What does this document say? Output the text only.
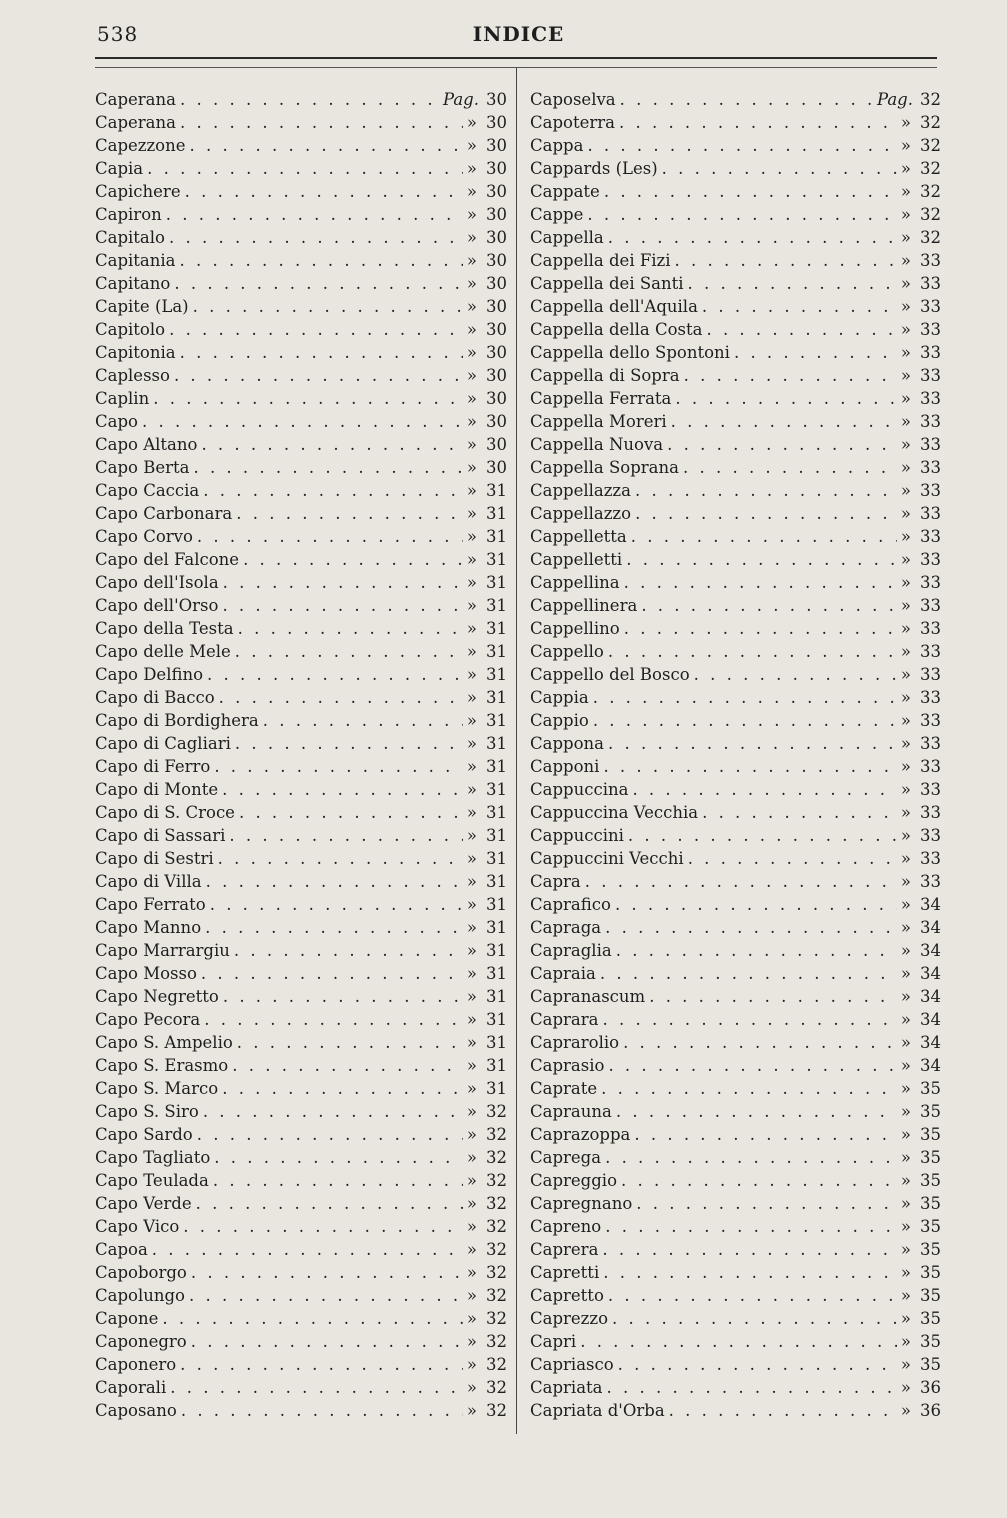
538	INDICE
Caperana . . .	Pag. 30
Caperana . . .	» 30
Capezzone . . .	» 30
Capia . . .	» 30
Capichere . . .	» 30
Capiron . . .	» 30
Capitalo . . .	» 30
Capitania . . .	» 30
Capitano . . .	» 30
Capite (La) . . .	» 30
Capitolo . . .	» 30
Capitonia . . .	» 30
Caplesso . . .	» 30
Caplin . . .	» 30
Capo . . .	» 30
Capo Altano . . .	» 30
Capo Berta . . .	» 30
Capo Caccia . . .	» 31
Capo Carbonara . . .	» 31
Capo Corvo . . .	» 31
Capo del Falcone . . .	» 31
Capo dell'Isola . . .	» 31
Capo dell'Orso . . .	» 31
Capo della Testa . . .	» 31
Capo delle Mele . . .	» 31
Capo Delfino . . .	» 31
Capo di Bacco . . .	» 31
Capo di Bordighera . . .	» 31
Capo di Cagliari . . .	» 31
Capo di Ferro . . .	» 31
Capo di Monte . . .	» 31
Capo di S. Croce . . .	» 31
Capo di Sassari . . .	» 31
Capo di Sestri . . .	» 31
Capo di Villa . . .	» 31
Capo Ferrato . . .	» 31
Capo Manno . . .	» 31
Capo Marrargiu . . .	» 31
Capo Mosso . . .	» 31
Capo Negretto . . .	» 31
Capo Pecora . . .	» 31
Capo S. Ampelio . . .	» 31
Capo S. Erasmo . . .	» 31
Capo S. Marco . . .	» 31
Capo S. Siro . . .	» 32
Capo Sardo . . .	» 32
Capo Tagliato . . .	» 32
Capo Teulada . . .	» 32
Capo Verde . . .	» 32
Capo Vico . . .	» 32
Capoa . . .	» 32
Capoborgo . . .	» 32
Capolungo . . .	» 32
Capone . . .	» 32
Caponegro . . .	» 32
Caponero . . .	» 32
Caporali . . .	» 32
Caposano . . .	» 32
Caposelva . . .	Pag. 32
Capoterra . . .	» 32
Cappa . . .	» 32
Cappards (Les) . . .	» 32
Cappate . . .	» 32
Cappe . . .	» 32
Cappella . . .	» 32
Cappella dei Fizi . . .	» 33
Cappella dei Santi . . .	» 33
Cappella dell'Aquila . . .	» 33
Cappella della Costa . . .	» 33
Cappella dello Spontoni . . .	» 33
Cappella di Sopra . . .	» 33
Cappella Ferrata . . .	» 33
Cappella Moreri . . .	» 33
Cappella Nuova . . .	» 33
Cappella Soprana . . .	» 33
Cappellazza . . .	» 33
Cappellazzo . . .	» 33
Cappelletta . . .	» 33
Cappelletti . . .	» 33
Cappellina . . .	» 33
Cappellinera . . .	» 33
Cappellino . . .	» 33
Cappello . . .	» 33
Cappello del Bosco . . .	» 33
Cappia . . .	» 33
Cappio . . .	» 33
Cappona . . .	» 33
Capponi . . .	» 33
Cappuccina . . .	» 33
Cappuccina Vecchia . . .	» 33
Cappuccini . . .	» 33
Cappuccini Vecchi . . .	» 33
Capra . . .	» 33
Caprafico . . .	» 34
Capraga . . .	» 34
Capraglia . . .	» 34
Capraia . . .	» 34
Capranascum . . .	» 34
Caprara . . .	» 34
Caprarolio . . .	» 34
Caprasio . . .	» 34
Caprate . . .	» 35
Caprauna . . .	» 35
Caprazoppa . . .	» 35
Caprega . . .	» 35
Capreggio . . .	» 35
Capregnano . . .	» 35
Capreno . . .	» 35
Caprera . . .	» 35
Capretti . . .	» 35
Capretto . . .	» 35
Caprezzo . . .	» 35
Capri . . .	» 35
Capriasco . . .	» 35
Capriata . . .	» 36
Capriata d'Orba . . .	» 36
